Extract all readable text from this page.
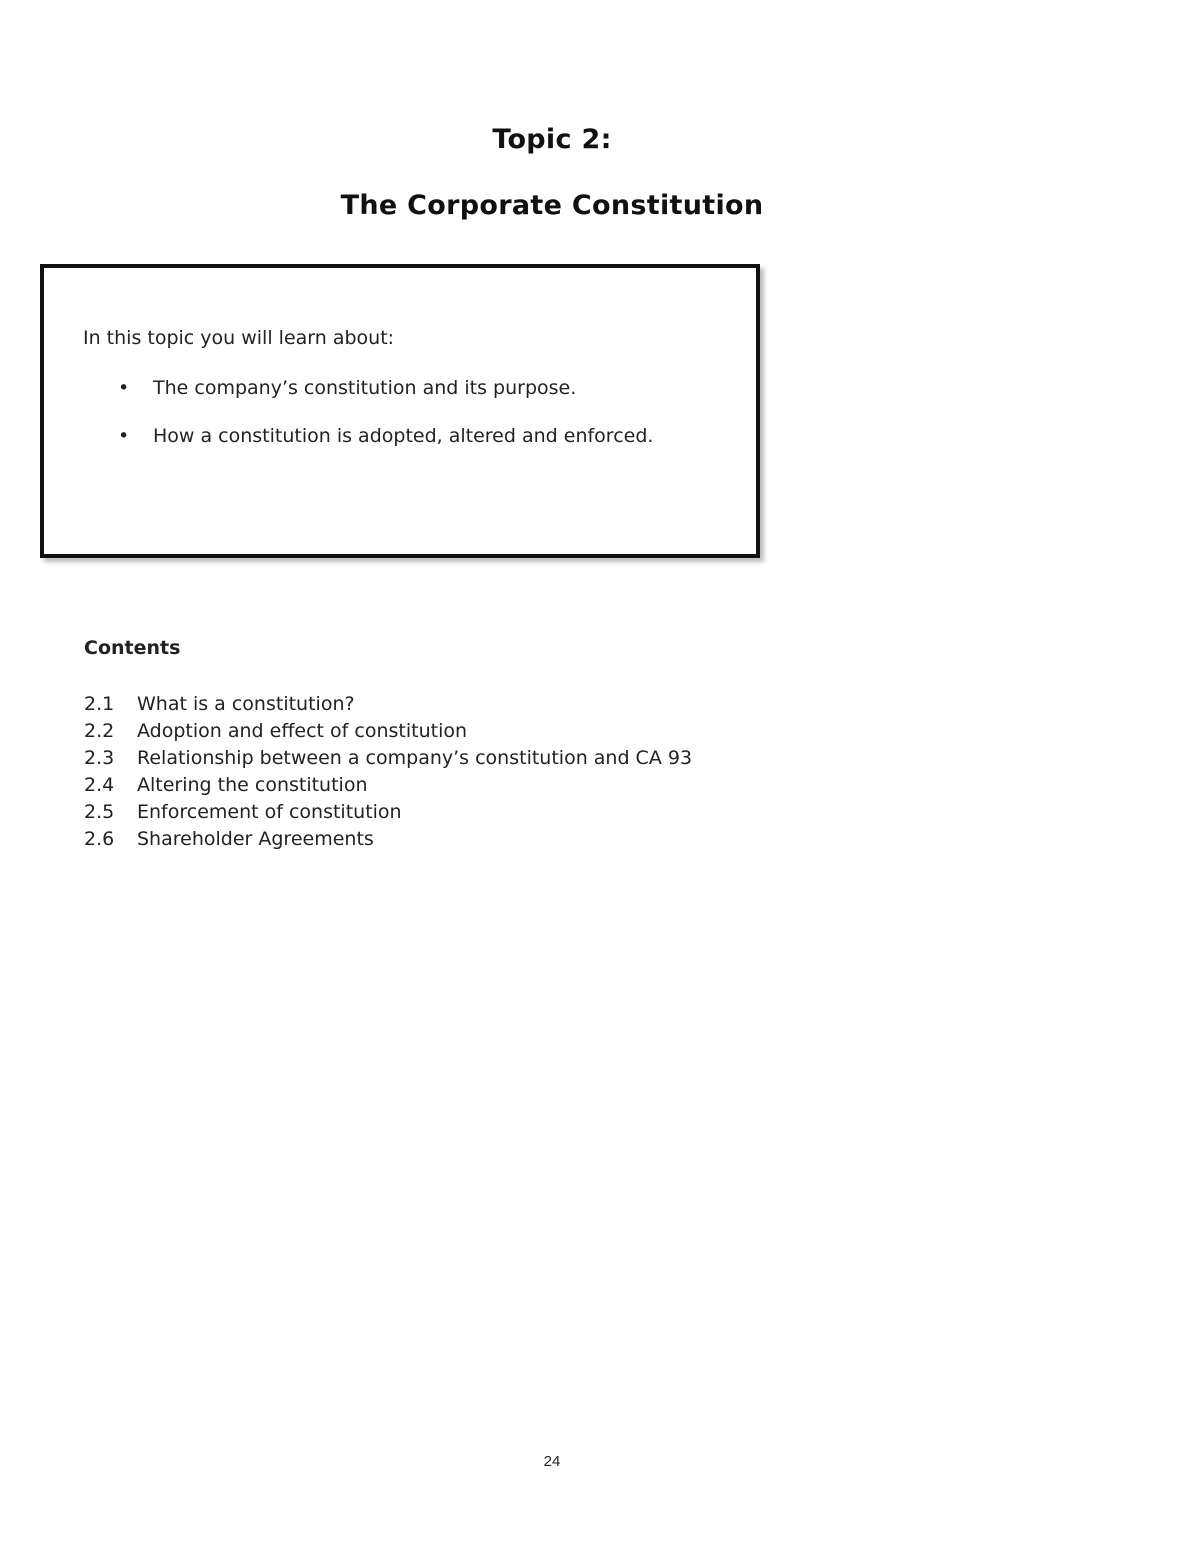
Topic 2:
The Corporate Constitution

In this topic you will learn about:

• The company’s constitution and its purpose.
• How a constitution is adopted, altered and enforced.
Contents
2.1 What is a constitution?
2.2 Adoption and effect of constitution
2.3 Relationship between a company’s constitution and CA 93
2.4 Altering the constitution
2.5 Enforcement of constitution
2.6 Shareholder Agreements
24
